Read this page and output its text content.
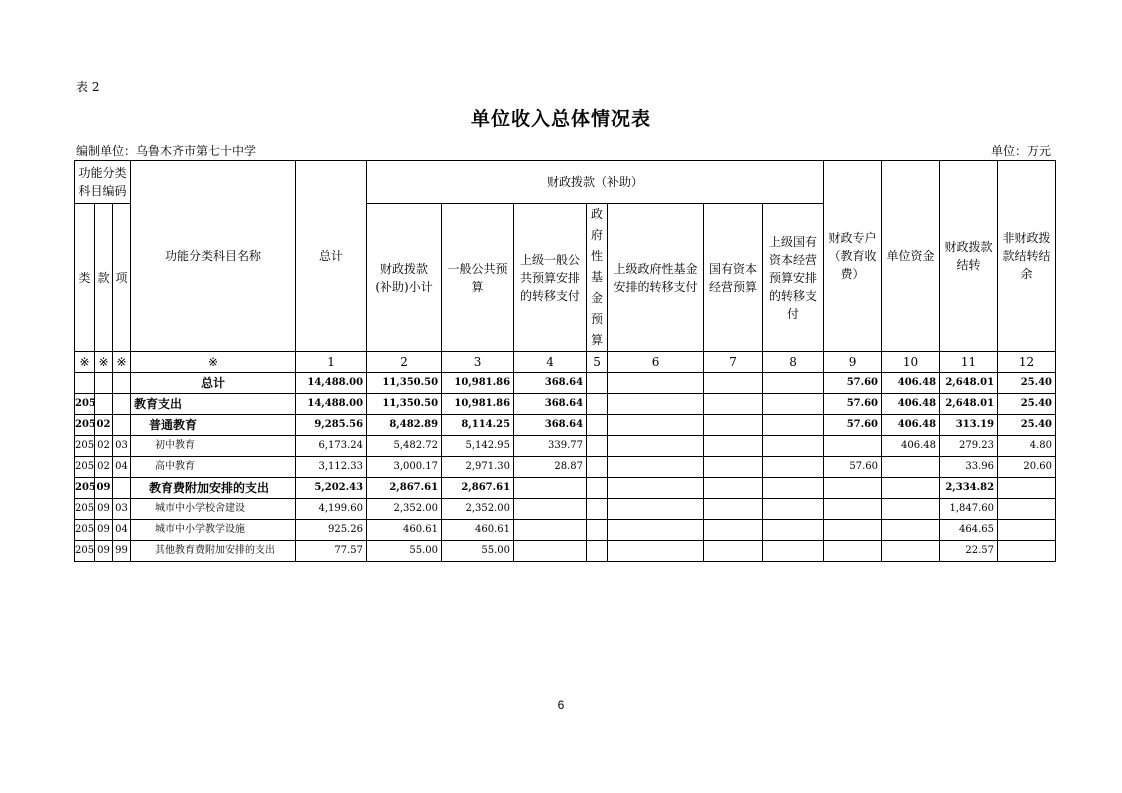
表 2
单位收入总体情况表
编制单位：乌鲁木齐市第七十中学	单位：万元
功能分类
科目编码			功能分类科目名称	总计	财政拨款（补助）							财政专户（教育收费）	单位资金	财政拨款结转	非财政拨款结转结余
类	款	项			财政拨款(补助)小计	一般公共预算	上级一般公共预算安排的转移支付	政府性基金预算	上级政府性基金安排的转移支付	国有资本经营预算	上级国有资本经营预算安排的转移支付				
※	※	※	※	1	2	3	4	5	6	7	8	9	10	11	12
			总计	14,488.00	11,350.50	10,981.86	368.64					57.60	406.48	2,648.01	25.40
205			教育支出	14,488.00	11,350.50	10,981.86	368.64					57.60	406.48	2,648.01	25.40
205	02		普通教育	9,285.56	8,482.89	8,114.25	368.64					57.60	406.48	313.19	25.40
205	02	03	初中教育	6,173.24	5,482.72	5,142.95	339.77						406.48	279.23	4.80
205	02	04	高中教育	3,112.33	3,000.17	2,971.30	28.87					57.60		33.96	20.60
205	09		教育费附加安排的支出	5,202.43	2,867.61	2,867.61								2,334.82	
205	09	03	城市中小学校舍建设	4,199.60	2,352.00	2,352.00								1,847.60	
205	09	04	城市中小学教学设施	925.26	460.61	460.61								464.65	
205	09	99	其他教育费附加安排的支出	77.57	55.00	55.00								22.57	
6
